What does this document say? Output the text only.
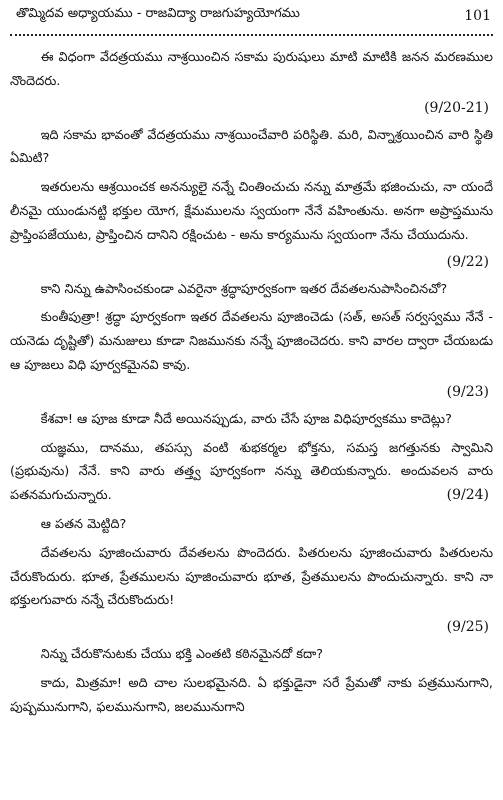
తొమ్మిదవ అధ్యాయము - రాజవిద్యా రాజగుహ్యయోగము	101

ఈ విధంగా వేదత్రయము నాశ్రయించిన సకామ పురుషులు మాటి మాటికి జనన మరణముల నొందెదరు.

(9/20-21)

ఇది సకామ భావంతో వేదత్రయము నాశ్రయించేవారి పరిస్థితి. మరి, విన్నాశ్రయించిన వారి స్థితి ఏమిటి?

ఇతరులను ఆశ్రయించక అనన్యులై నన్నే చింతించుచు నన్ను మాత్రమే భజించుచు, నా యందే లీనమై యుండునట్టి భక్తుల యోగ, క్షేమములను స్వయంగా నేనే వహింతును. అనగా అప్రాప్తమును ప్రాప్తింపజేయుట, ప్రాప్తించిన దానిని రక్షించుట - అను కార్యమును స్వయంగా నేను చేయుదును.

(9/22)

కాని నిన్ను ఉపాసించకుండా ఎవరైనా శ్రద్ధాపూర్వకంగా ఇతర దేవతలనుపాసించినచో?

కుంతీపుత్రా! శ్రద్ధా పూర్వకంగా ఇతర దేవతలను పూజించెడు (సత్, అసత్ సర్వస్వము నేనే - యనెడు దృష్టితో) మనుజులు కూడా నిజమునకు నన్నే పూజించెదరు. కాని వారల ద్వారా చేయబడు ఆ పూజలు విధి పూర్వకమైనవి కావు.

(9/23)

కేశవా! ఆ పూజ కూడా నీదే అయినప్పుడు, వారు చేసే పూజ విధిపూర్వకము కాదెట్లు?

యజ్ఞము, దానము, తపస్సు వంటి శుభకర్మల భోక్తను, సమస్త జగత్తునకు స్వామిని (ప్రభువును) నేనే. కాని వారు తత్త్వ పూర్వకంగా నన్ను తెలియకున్నారు. అందువలన వారు పతనమగుచున్నారు.	(9/24)

ఆ పతన మెట్టిది?

దేవతలను పూజించువారు దేవతలను పొందెదరు. పితరులను పూజించువారు పితరులను చేరుకొందురు. భూత, ప్రేతములను పూజించువారు భూత, ప్రేతములను పొందుచున్నారు. కాని నా భక్తులగువారు నన్నే చేరుకొందురు!

(9/25)

నిన్ను చేరుకొనుటకు చేయు భక్తి ఎంతటి కఠినమైనదో కదా?

కాదు, మిత్రమా! అది చాల సులభమైనది. ఏ భక్తుడైనా సరే ప్రేమతో నాకు పత్రమునుగాని, పుష్పమునుగాని, ఫలమునుగాని, జలమునుగాని
